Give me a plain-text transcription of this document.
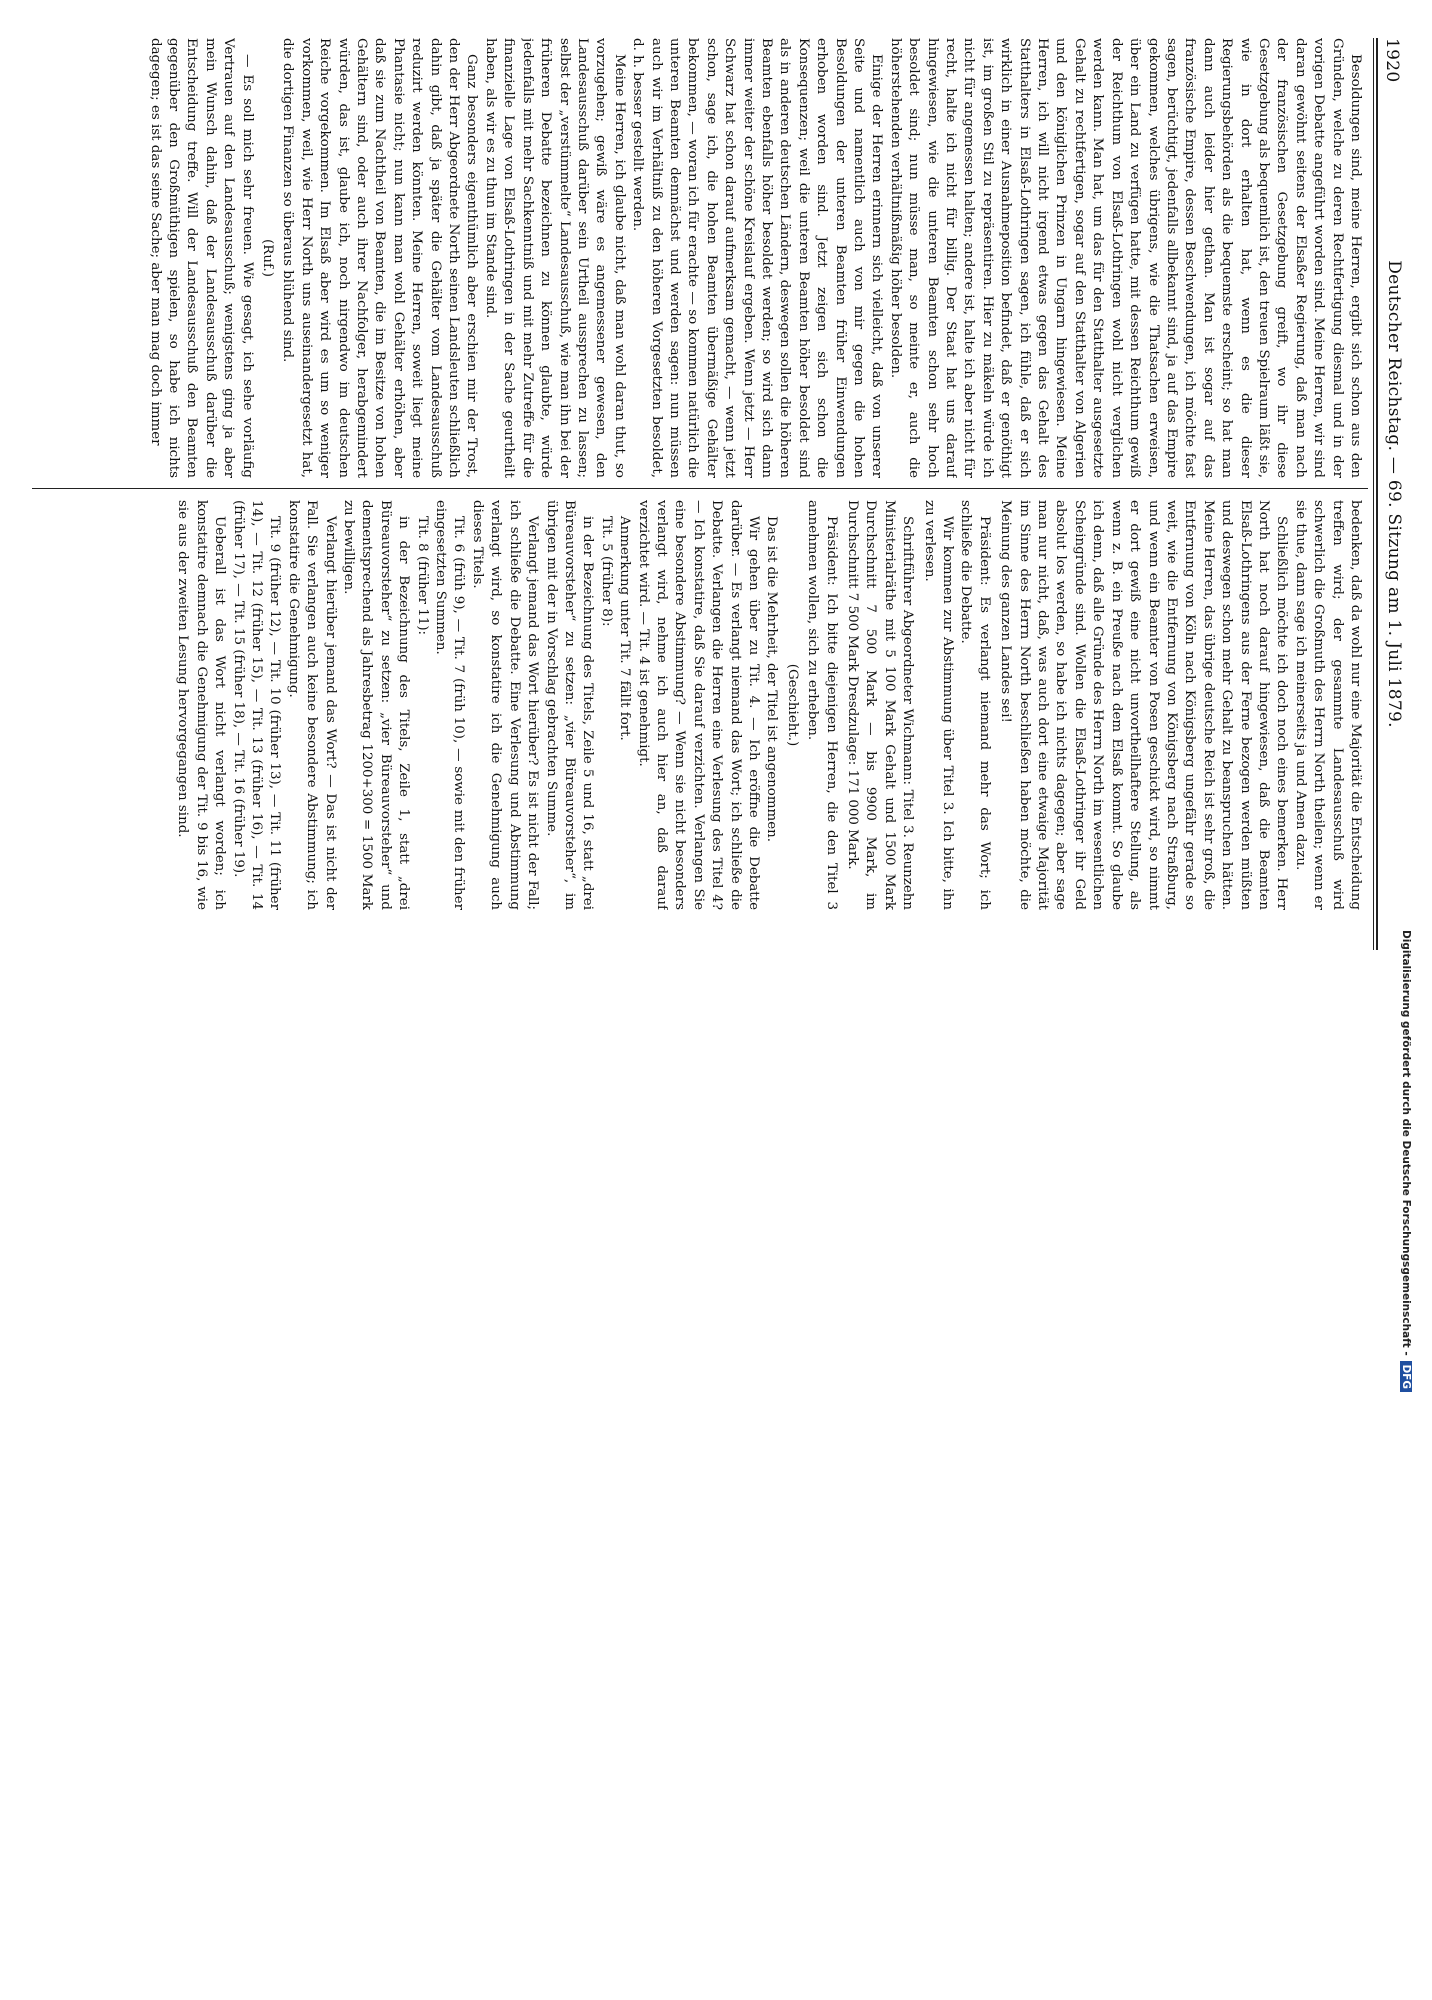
1920
Deutscher Reichstag. — 69. Sitzung am 1. Juli 1879.

Besoldungen sind, meine Herren, ergibt sich schon aus den Gründen, welche zu deren Rechtfertigung diesmal und in der vorigen Debatte angeführt worden sind. Meine Herren, wir sind daran gewöhnt seitens der Elsaßer Regierung, daß man nach der französischen Gesetzgebung greift, wo ihr diese Gesetzgebung als bequemlich ist, den treuen Spielraum läßt sie, wie in dort erhalten hat, wenn es die dieser Regierungsbehörden als die bequemste erscheint; so hat man dann auch leider hier gethan. Man ist sogar auf das französische Empire, dessen Beschwendungen, ich möchte fast sagen, berüchtigt, jedenfalls allbekannt sind, ja auf das Empire gekommen, welches übrigens, wie die Thatsachen erweisen, über ein Land zu verfügen hatte, mit dessen Reichthum gewiß der Reichthum von Elsaß-Lothringen wohl nicht verglichen werden kann. Man hat, um das für den Statthalter ausgesetzte Gehalt zu rechtfertigen, sogar auf den Statthalter von Algerien und den königlichen Prinzen in Ungarn hingewiesen. Meine Herren, ich will nicht irgend etwas gegen das Gehalt des Statthalters in Elsaß-Lothringen sagen, ich fühle, daß er sich wirklich in einer Ausnahmeposition befindet, daß er genöthigt ist, im großen Stil zu repräsentiren. Hier zu mäkeln würde ich nicht für angemessen halten; andere ist, halte ich aber nicht für recht, halte ich nicht für billig. Der Staat hat uns darauf hingewiesen, wie die unteren Beamten schon sehr hoch besoldet sind; nun müsse man, so meinte er, auch die höherstehenden verhältnißmäßig höher besolden.

Einige der Herren erinnern sich vielleicht, daß von unserer Seite und namentlich auch von mir gegen die hohen Besoldungen der unteren Beamten früher Einwendungen erhoben worden sind. Jetzt zeigen sich schon die Konsequenzen; weil die unteren Beamten höher besoldet sind als in anderen deutschen Ländern, deswegen sollen die höheren Beamten ebenfalls höher besoldet werden; so wird sich dann immer weiter der schöne Kreislauf ergeben. Wenn jetzt — Herr Schwarz hat schon darauf aufmerksam gemacht, — wenn jetzt schon, sage ich, die hohen Beamten übermäßige Gehälter bekommen, — woran ich für erachte — so kommen natürlich die unteren Beamten demnächst und werden sagen: nun müssen auch wir im Verhältniß zu den höheren Vorgesetzten besoldet, d. h. besser gestellt werden.

Meine Herren, ich glaube nicht, daß man wohl daran thut, so vorzugehen; gewiß wäre es angemessener gewesen, den Landesausschuß darüber sein Urtheil aussprechen zu lassen; selbst der „verstümmelte“ Landesausschuß, wie man ihn bei der früheren Debatte bezeichnen zu können glaubte, würde jedenfalls mit mehr Sachkenntniß und mit mehr Zutreffe für die finanzielle Lage von Elsaß-Lothringen in der Sache geurtheilt haben, als wir es zu thun im Stande sind.

Ganz besonders eigenthümlich aber erschien mir der Trost, den der Herr Abgeordnete North seinen Landsleuten schließlich dahin gibt, daß ja später die Gehälter vom Landesausschuß reduzirt werden könnten. Meine Herren, soweit liegt meine Phantasie nicht; nun kann man wohl Gehälter erhöhen, aber daß sie zum Nachtheil von Beamten, die im Besitze von hohen Gehältern sind, oder auch ihrer Nachfolger, herabgemindert würden, das ist, glaube ich, noch nirgendwo im deutschen Reiche vorgekommen. Im Elsaß aber wird es um so weniger vorkommen, weil, wie Herr North uns auseinandergesetzt hat, die dortigen Finanzen so überaus blühend sind.

(Ruf.)

— Es soll mich sehr freuen. Wie gesagt, ich sehe vorläufig Vertrauen auf den Landesausschuß; wenigstens ging ja aber mein Wunsch dahin, daß der Landesausschuß darüber die Entscheidung treffe. Will der Landesausschuß den Beamten gegenüber den Großmüthigen spielen, so habe ich nichts dagegen; es ist das seine Sache; aber man mag doch immer

bedenken, daß da wohl nur eine Majorität die Entscheidung treffen wird; der gesammte Landesausschuß wird schwerlich die Großmuth des Herrn North theilen; wenn er sie thue, dann sage ich meinerseits ja und Amen dazu.

Schließlich möchte ich doch noch eines bemerken. Herr North hat noch darauf hingewiesen, daß die Beamten Elsaß-Lothringens aus der Ferne bezogen werden müßten und deswegen schon mehr Gehalt zu beanspruchen hätten. Meine Herren, das übrige deutsche Reich ist sehr groß, die Entfernung von Köln nach Königsberg ungefähr gerade so weit, wie die Entfernung von Königsberg nach Straßburg, und wenn ein Beamter von Posen geschickt wird, so nimmt er dort gewiß eine nicht unvortheilhaftere Stellung, als wenn z. B. ein Preuße nach dem Elsaß kommt. So glaube ich denn, daß alle Gründe des Herrn North im wesentlichen Scheingründe sind. Wollen die Elsaß-Lothringer ihr Geld absolut los werden, so habe ich nichts dagegen; aber sage man nur nicht, daß, was auch dort eine etwaige Majorität im Sinne des Herrn North beschließen haben möchte, die Meinung des ganzen Landes sei!

Präsident: Es verlangt niemand mehr das Wort; ich schließe die Debatte.

Wir kommen zur Abstimmung über Titel 3. Ich bitte, ihn zu verlesen.

Schriftführer Abgeordneter Wichmann: Titel 3. Reunzehn Ministerialräthe mit 5 100 Mark Gehalt und 1500 Mark Durchschnitt 7 500 Mark — bis 9900 Mark, im Durchschnitt 7 500 Mark Dresdzulage: 171 000 Mark.

Präsident: Ich bitte diejenigen Herren, die den Titel 3 annehmen wollen, sich zu erheben.

(Geschieht.)

Das ist die Mehrheit, der Titel ist angenommen.

Wir gehen über zu Tit. 4. — Ich eröffne die Debatte darüber. — Es verlangt niemand das Wort; ich schließe die Debatte. Verlangen die Herren eine Verlesung des Titel 4? — Ich konstatire, daß Sie darauf verzichten. Verlangen Sie eine besondere Abstimmung? — Wenn sie nicht besonders verlangt wird, nehme ich auch hier an, daß darauf verzichtet wird. — Tit. 4 ist genehmigt.

Anmerkung unter Tit. 7 fällt fort.

Tit. 5 (früher 8):

in der Bezeichnung des Titels, Zeile 5 und 16, statt „drei Büreauvorsteher“ zu setzen: „vier Büreauvorsteher“, im übrigen mit der in Vorschlag gebrachten Summe.

Verlangt jemand das Wort hierüber? Es ist nicht der Fall; ich schließe die Debatte. Eine Verlesung und Abstimmung verlangt wird, so konstatire ich die Genehmigung auch dieses Titels.

Tit. 6 (früh 9), — Tit. 7 (früh 10), — sowie mit den früher eingesetzten Summen.

Tit. 8 (früher 11):

in der Bezeichnung des Titels, Zeile 1, statt „drei Büreauvorsteher“ zu setzen: „vier Büreauvorsteher“ und dementsprechend als Jahresbetrag 1200+300 = 1500 Mark zu bewilligen.

Verlangt hierüber jemand das Wort? — Das ist nicht der Fall. Sie verlangen auch keine besondere Abstimmung; ich konstatire die Genehmigung.

Tit. 9 (früher 12), — Tit. 10 (früher 13), — Tit. 11 (früher 14), — Tit. 12 (früher 15), — Tit. 13 (früher 16), — Tit. 14 (früher 17), — Tit. 15 (früher 18), — Tit. 16 (früher 19).

Ueberall ist das Wort nicht verlangt worden; ich konstatire demnach die Genehmigung der Tit. 9 bis 16, wie sie aus der zweiten Lesung hervorgegangen sind.

Digitalisierung gefördert durch die Deutsche Forschungsgemeinschaft - DFG
